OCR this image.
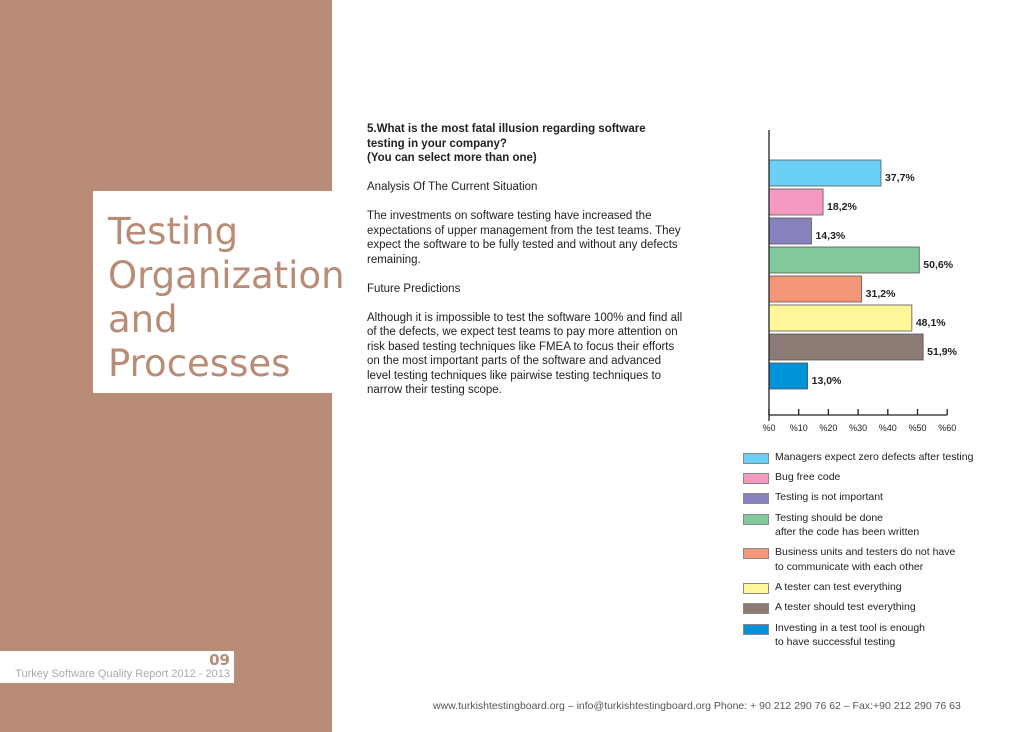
Testing
Organization
and
Processes
09
Turkey Software Quality Report 2012 - 2013
5.What is the most fatal illusion regarding software
testing in your company?

(You can select more than one)

Analysis Of The Current Situation

The investments on software testing have increased the expectations of upper management from the test teams. They expect the software to be fully tested and without any defects remaining.

Future Predictions

Although it is impossible to test the software 100% and find all of the defects, we expect test teams to pay more attention on risk based testing techniques like FMEA to focus their efforts on the most important parts of the software and advanced level testing techniques like pairwise testing techniques to narrow their testing scope.

37,7%
18,2%
14,3%
50,6%
31,2%
48,1%
51,9%
13,0%
%0 %10 %20 %30 %40 %50 %60
Managers expect zero defects after testing
Bug free code
Testing is not important
Testing should be done
after the code has been written
Business units and testers do not have
to communicate with each other
A tester can test everything
A tester should test everything
Investing in a test tool is enough
to have successful testing
www.turkishtestingboard.org – info@turkishtestingboard.org Phone: + 90 212 290 76 62 – Fax:+90 212 290 76 63
